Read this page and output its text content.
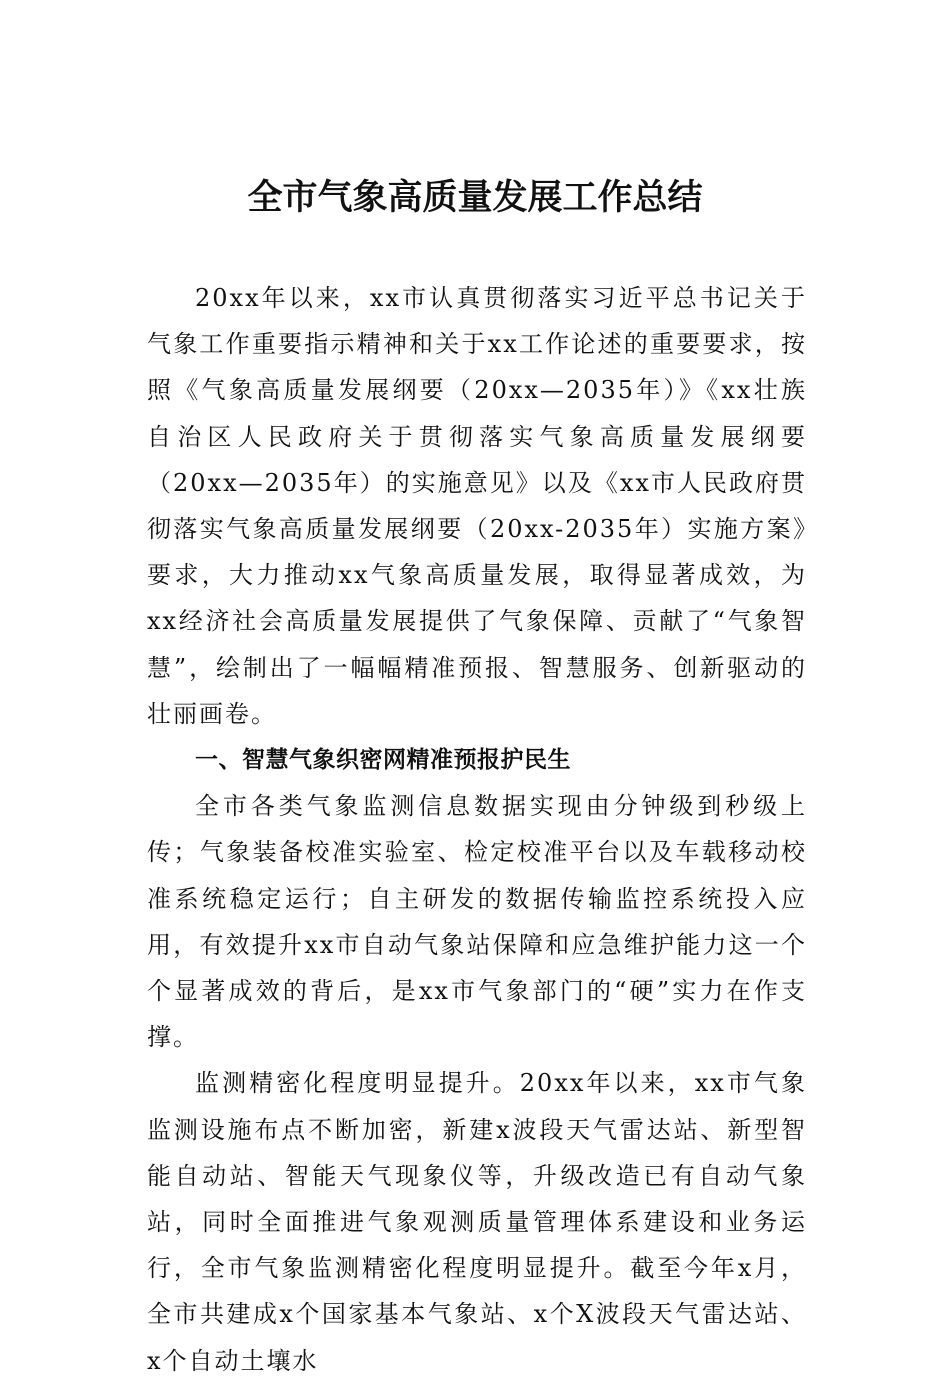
全市气象高质量发展工作总结

20xx年以来，xx市认真贯彻落实习近平总书记关于气象工作重要指示精神和关于xx工作论述的重要要求，按照《气象高质量发展纲要（20xx—2035年）》《xx壮族自治区人民政府关于贯彻落实气象高质量发展纲要（20xx—2035年）的实施意见》以及《xx市人民政府贯彻落实气象高质量发展纲要（20xx-2035年）实施方案》要求，大力推动xx气象高质量发展，取得显著成效，为xx经济社会高质量发展提供了气象保障、贡献了“气象智慧”，绘制出了一幅幅精准预报、智慧服务、创新驱动的壮丽画卷。

一、智慧气象织密网精准预报护民生

全市各类气象监测信息数据实现由分钟级到秒级上传；气象装备校准实验室、检定校准平台以及车载移动校准系统稳定运行；自主研发的数据传输监控系统投入应用，有效提升xx市自动气象站保障和应急维护能力这一个个显著成效的背后，是xx市气象部门的“硬”实力在作支撑。

监测精密化程度明显提升。20xx年以来，xx市气象监测设施布点不断加密，新建x波段天气雷达站、新型智能自动站、智能天气现象仪等，升级改造已有自动气象站，同时全面推进气象观测质量管理体系建设和业务运行，全市气象监测精密化程度明显提升。截至今年x月，全市共建成x个国家基本气象站、x个X波段天气雷达站、x个自动土壤水
